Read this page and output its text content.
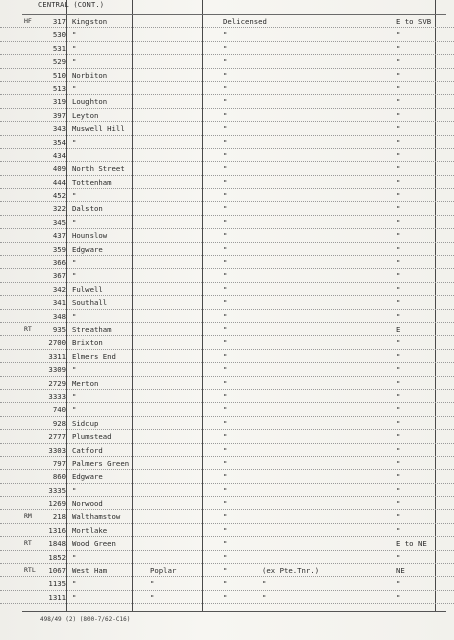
CENTRAL (CONT.)
HF	317 Kingston	Delicensed	E to SVB
530 "	"	"
531 "	"	"
529 "	"	"
510 Norbiton	"	"
513 "	"	"
319 Loughton	"	"
397 Leyton	"	"
343 Muswell Hill	"	"
354 "	"	"
434	"	"
409 North Street	"	"
444 Tottenham	"	"
452 "	"	"
322 Dalston	"	"
345 "	"	"
437 Hounslow	"	"
359 Edgware	"	"
366 "	"	"
367 "	"	"
342 Fulwell	"	"
341 Southall	"	"
348 "	"	"
RT	935 Streatham	"	E
2700 Brixton	"	"
3311 Elmers End	"	"
3309 "	"	"
2729 Merton	"	"
3333 "	"	"
740 "	"	"
928 Sidcup	"	"
2777 Plumstead	"	"
3303 Catford	"	"
797 Palmers Green	"	"
860 Edgware	"	"
3335 "	"	"
1269 Norwood	"	"
RM	218 Walthamstow	"	"
1316 Mortlake	"	"
RT	1848 Wood Green	"	E to NE
1852 "	"	"
RTL	1067 West Ham	Poplar	"	(ex Pte.Tnr.)	NE
1135 "	"	"	"	"
1311 "	"	"	"	"
498/49 (2) (800-7/62-C16)
